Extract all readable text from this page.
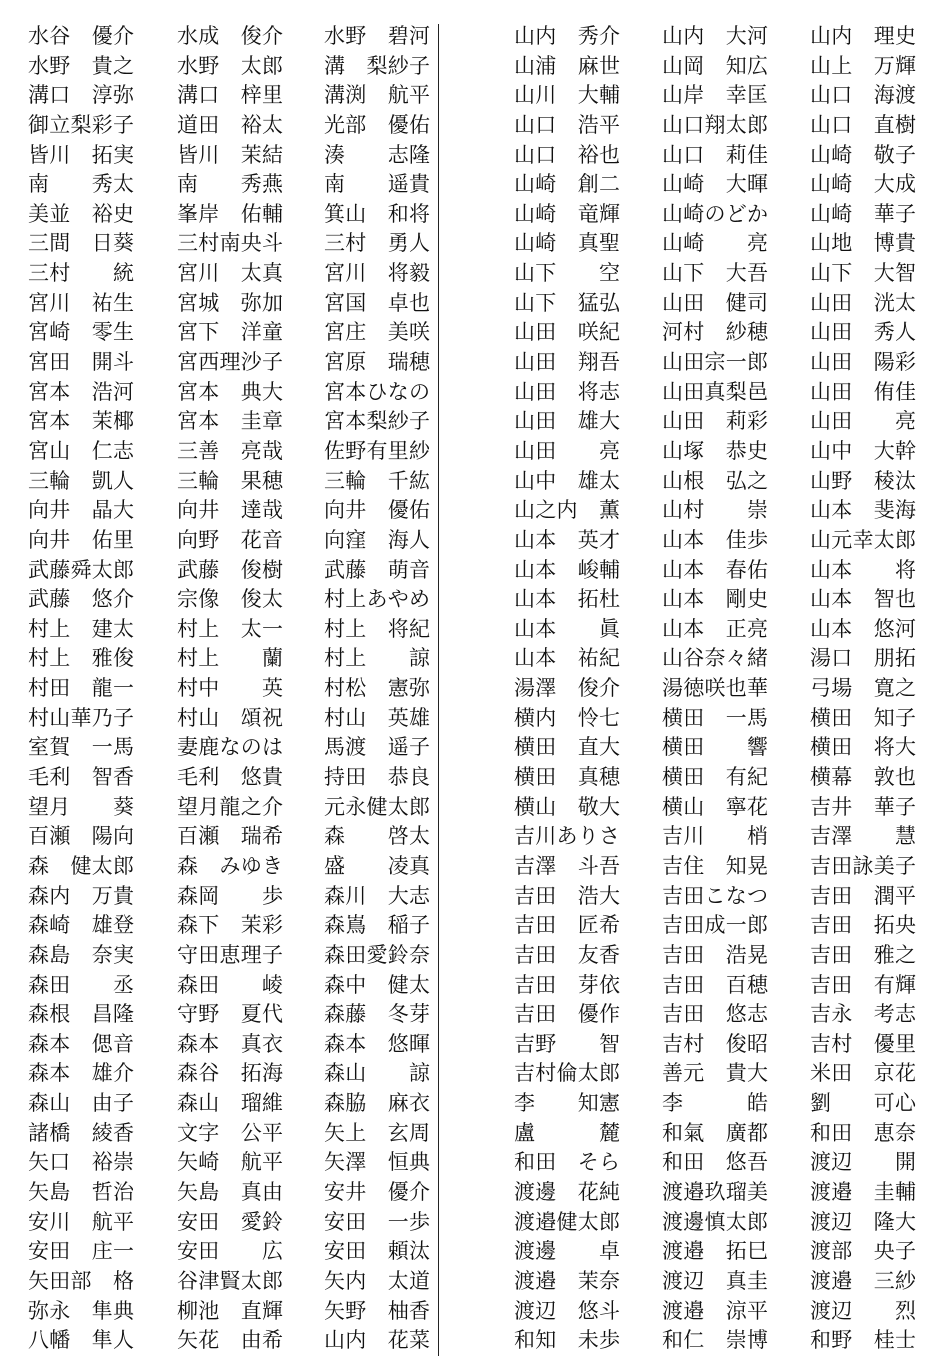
水谷　優介
水野　貴之
溝口　淳弥
御立梨彩子
皆川　拓実
南　　秀太
美並　裕史
三間　日葵
三村　　統
宮川　祐生
宮崎　零生
宮田　開斗
宮本　浩河
宮本　茉椰
宮山　仁志
三輪　凱人
向井　晶大
向井　佑里
武藤舜太郎
武藤　悠介
村上　建太
村上　雅俊
村田　龍一
村山華乃子
室賀　一馬
毛利　智香
望月　　葵
百瀬　陽向
森　健太郎
森内　万貴
森崎　雄登
森島　奈実
森田　　丞
森根　昌隆
森本　偲音
森本　雄介
森山　由子
諸橋　綾香
矢口　裕崇
矢島　哲治
安川　航平
安田　庄一
矢田部　格
弥永　隼典
八幡　隼人
水成　俊介
水野　太郎
溝口　梓里
道田　裕太
皆川　茉結
南　　秀燕
峯岸　佑輔
三村南央斗
宮川　太真
宮城　弥加
宮下　洋童
宮西理沙子
宮本　典大
宮本　圭章
三善　亮哉
三輪　果穂
向井　達哉
向野　花音
武藤　俊樹
宗像　俊太
村上　太一
村上　　蘭
村中　　英
村山　頌祝
妻鹿なのは
毛利　悠貴
望月龍之介
百瀬　瑞希
森　みゆき
森岡　　歩
森下　茉彩
守田恵理子
森田　　崚
守野　夏代
森本　真衣
森谷　拓海
森山　瑠維
文字　公平
矢崎　航平
矢島　真由
安田　愛鈴
安田　　広
谷津賢太郎
柳池　直輝
矢花　由希
水野　碧河
溝　梨紗子
溝渕　航平
光部　優佑
湊　　志隆
南　　遥貴
箕山　和将
三村　勇人
宮川　将毅
宮国　卓也
宮庄　美咲
宮原　瑞穂
宮本ひなの
宮本梨紗子
佐野有里紗
三輪　千紘
向井　優佑
向窪　海人
武藤　萌音
村上あやめ
村上　将紀
村上　　諒
村松　憲弥
村山　英雄
馬渡　遥子
持田　恭良
元永健太郎
森　　啓太
盛　　凌真
森川　大志
森嶌　稲子
森田愛鈴奈
森中　健太
森藤　冬芽
森本　悠暉
森山　　諒
森脇　麻衣
矢上　玄周
矢澤　恒典
安井　優介
安田　一歩
安田　頼汰
矢内　太道
矢野　柚香
山内　花菜
山内　秀介
山浦　麻世
山川　大輔
山口　浩平
山口　裕也
山崎　創二
山崎　竜輝
山崎　真聖
山下　　空
山下　猛弘
山田　咲紀
山田　翔吾
山田　将志
山田　雄大
山田　　亮
山中　雄太
山之内　薫
山本　英才
山本　峻輔
山本　拓杜
山本　　眞
山本　祐紀
湯澤　俊介
横内　怜七
横田　直大
横田　真穂
横山　敬大
吉川ありさ
吉澤　斗吾
吉田　浩大
吉田　匠希
吉田　友香
吉田　芽依
吉田　優作
吉野　　智
吉村倫太郎
李　　知憲
盧　　　麓
和田　そら
渡邊　花純
渡邉健太郎
渡邊　　卓
渡邉　茉奈
渡辺　悠斗
和知　未歩
山内　大河
山岡　知広
山岸　幸匡
山口翔太郎
山口　莉佳
山崎　大暉
山崎のどか
山崎　　亮
山下　大吾
山田　健司
河村　紗穂
山田宗一郎
山田真梨邑
山田　莉彩
山塚　恭史
山根　弘之
山村　　崇
山本　佳歩
山本　春佑
山本　剛史
山本　正亮
山谷奈々緒
湯徳咲也華
横田　一馬
横田　　響
横田　有紀
横山　寧花
吉川　　梢
吉住　知晃
吉田こなつ
吉田成一郎
吉田　浩晃
吉田　百穂
吉田　悠志
吉村　俊昭
善元　貴大
李　　　皓
和氣　廣都
和田　悠吾
渡邉玖瑠美
渡邊慎太郎
渡邉　拓巳
渡辺　真圭
渡邉　涼平
和仁　崇博
山内　理史
山上　万輝
山口　海渡
山口　直樹
山崎　敬子
山崎　大成
山崎　華子
山地　博貴
山下　大智
山田　洸太
山田　秀人
山田　陽彩
山田　侑佳
山田　　亮
山中　大幹
山野　稜汰
山本　斐海
山元幸太郎
山本　　将
山本　智也
山本　悠河
湯口　朋拓
弓場　寛之
横田　知子
横田　将大
横幕　敦也
吉井　華子
吉澤　　慧
吉田詠美子
吉田　潤平
吉田　拓央
吉田　雅之
吉田　有輝
吉永　考志
吉村　優里
米田　京花
劉　　可心
和田　恵奈
渡辺　　開
渡邉　圭輔
渡辺　隆大
渡部　央子
渡邉　三紗
渡辺　　烈
和野　桂士
